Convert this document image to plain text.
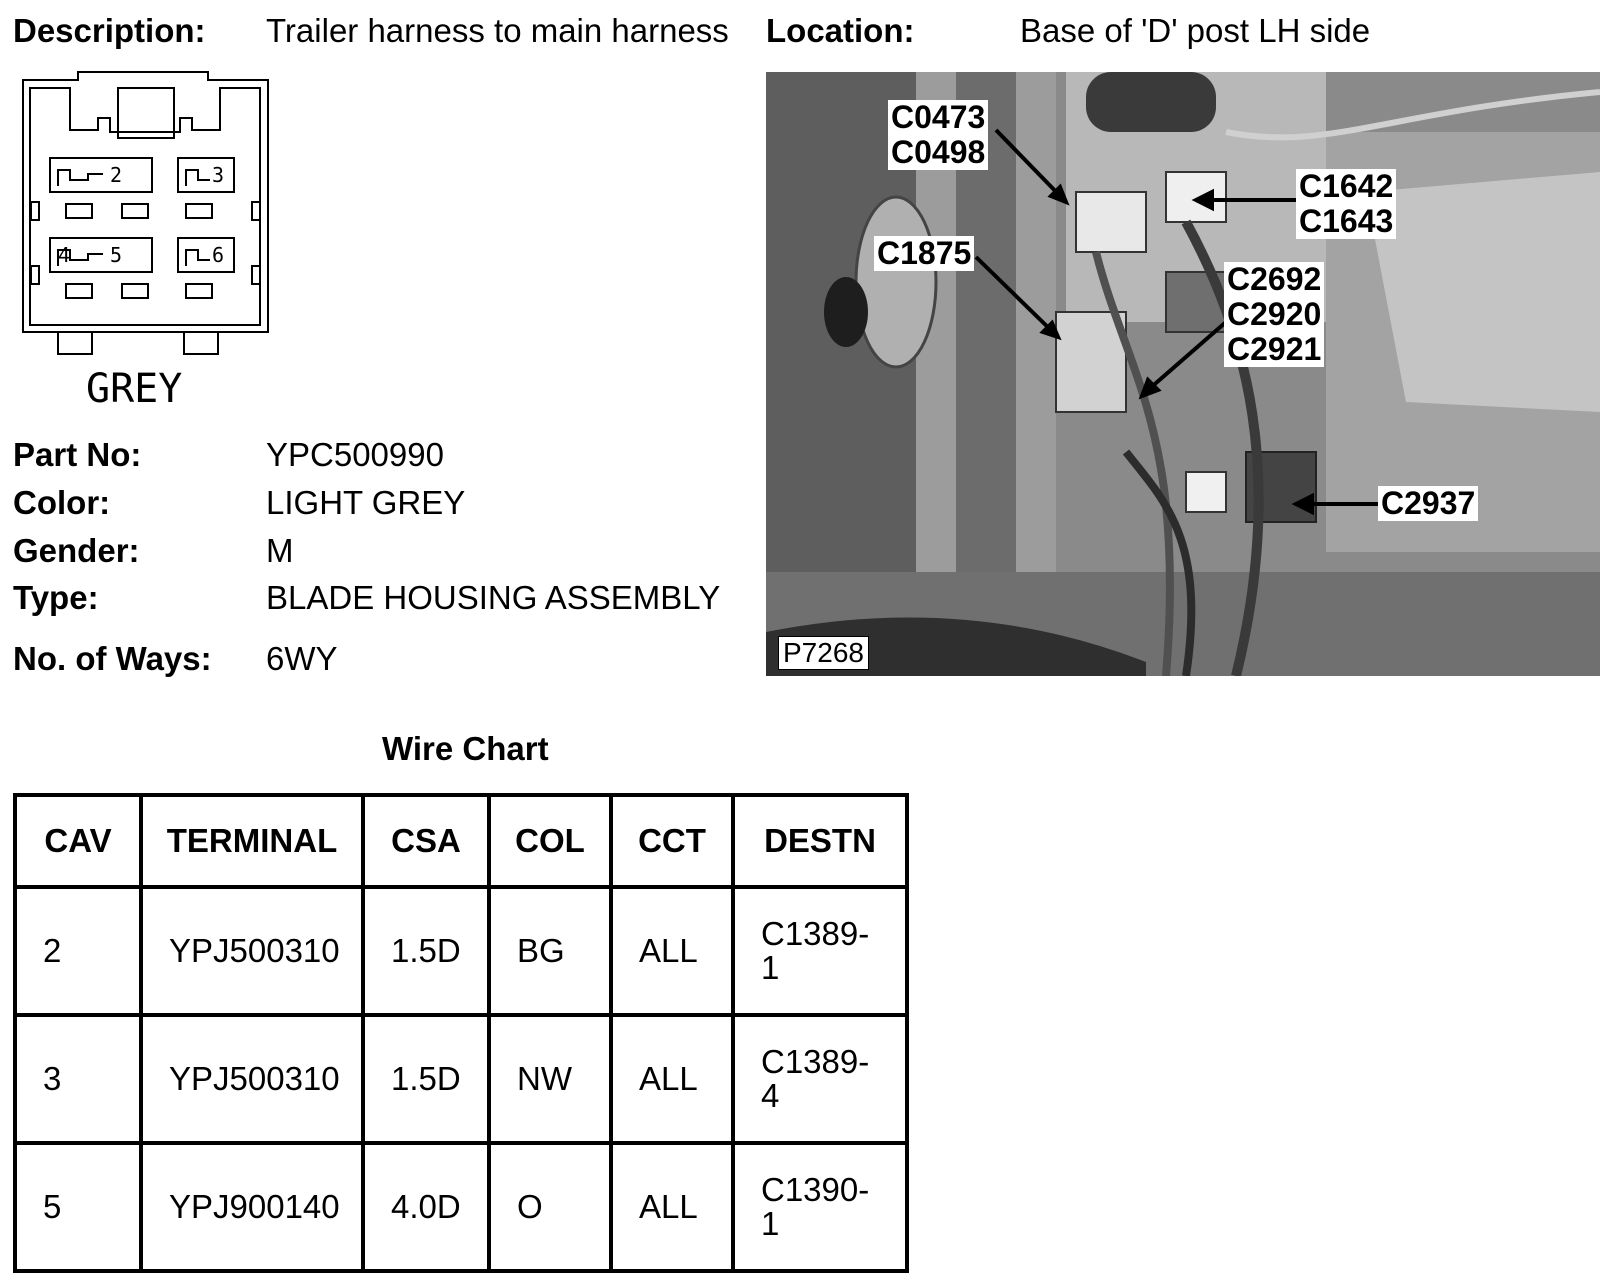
Description: Trailer harness to main harness Location:	Base of 'D' post LH side
2	3
4 5	6
GREY
Part No:	YPC500990
Color:	LIGHT GREY
Gender:	M
Type:	BLADE HOUSING ASSEMBLY
No. of Ways: 6WY
C0473
C0498
C1642
C1643
C1875
C2692
C2920
C2921
C2937
P7268
Wire Chart
CAV	TERMINAL	CSA	COL	CCT	DESTN
2	YPJ500310	1.5D	BG	ALL	C1389-
1
3	YPJ500310	1.5D	NW	ALL	C1389-
4
5	YPJ900140	4.0D	O	ALL	C1390-
1
